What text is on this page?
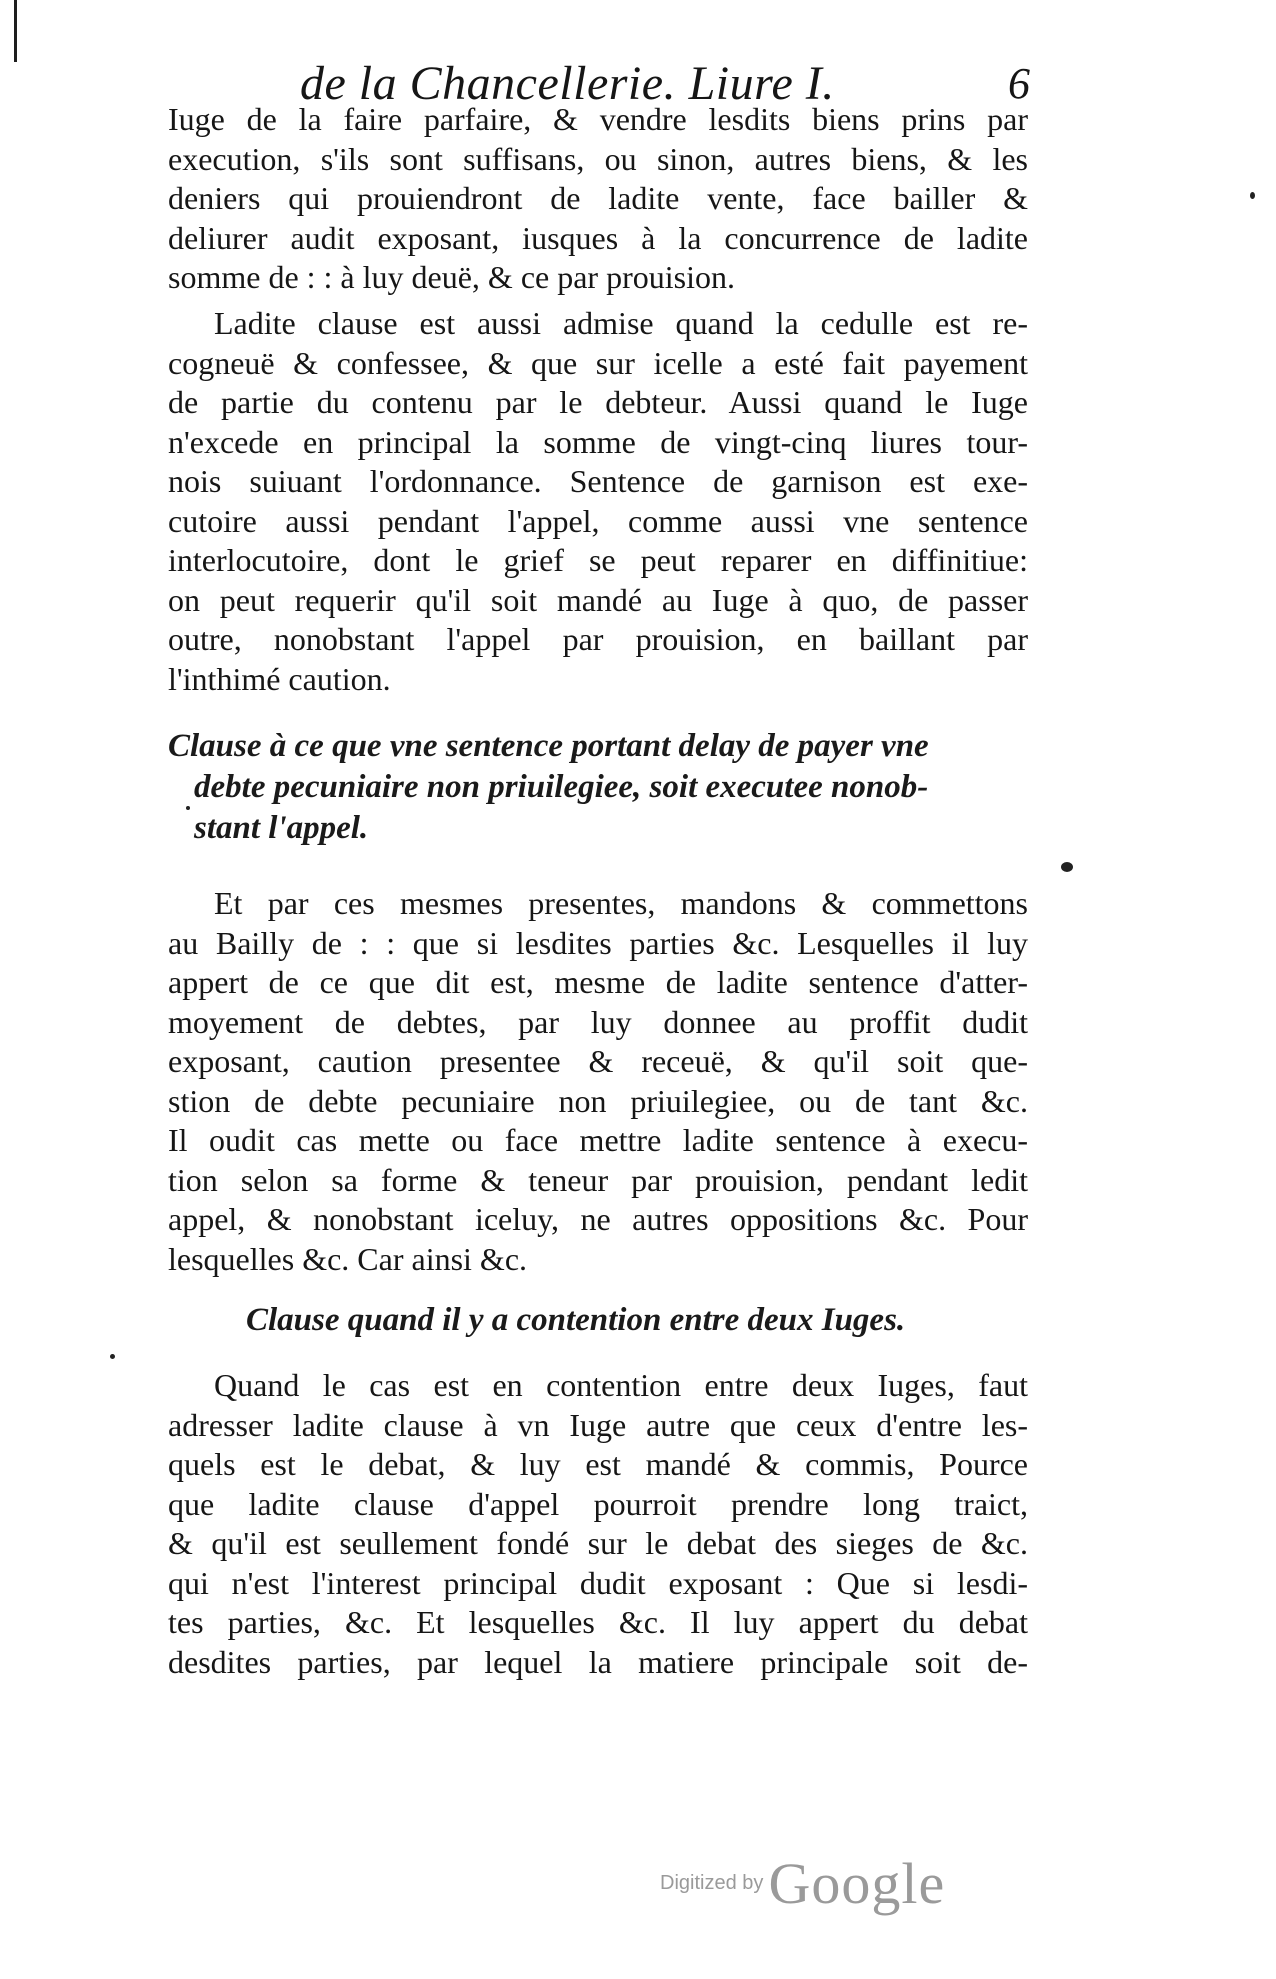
de la Chancellerie. Liure I.	6
Iuge de la faire parfaire, & vendre lesdits biens prins par
execution, s'ils sont suffisans, ou sinon, autres biens, & les
deniers qui prouiendront de ladite vente, face bailler &
deliurer audit exposant, iusques à la concurrence de ladite
somme de : : à luy deuë, & ce par prouision.
Ladite clause est aussi admise quand la cedulle est re-
cogneuë & confessee, & que sur icelle a esté fait payement
de partie du contenu par le debteur. Aussi quand le Iuge
n'excede en principal la somme de vingt-cinq liures tour-
nois suiuant l'ordonnance. Sentence de garnison est exe-
cutoire aussi pendant l'appel, comme aussi vne sentence
interlocutoire, dont le grief se peut reparer en diffinitiue:
on peut requerir qu'il soit mandé au Iuge à quo, de passer
outre, nonobstant l'appel par prouision, en baillant par
l'inthimé caution.
Clause à ce que vne sentence portant delay de payer vne
debte pecuniaire non priuilegiee, soit executee nonob-
stant l'appel.
Et par ces mesmes presentes, mandons & commettons
au Bailly de : : que si lesdites parties &c. Lesquelles il luy
appert de ce que dit est, mesme de ladite sentence d'atter-
moyement de debtes, par luy donnee au proffit dudit
exposant, caution presentee & receuë, & qu'il soit que-
stion de debte pecuniaire non priuilegiee, ou de tant &c.
Il oudit cas mette ou face mettre ladite sentence à execu-
tion selon sa forme & teneur par prouision, pendant ledit
appel, & nonobstant iceluy, ne autres oppositions &c. Pour
lesquelles &c. Car ainsi &c.
Clause quand il y a contention entre deux Iuges.
Quand le cas est en contention entre deux Iuges, faut
adresser ladite clause à vn Iuge autre que ceux d'entre les-
quels est le debat, & luy est mandé & commis, Pource
que ladite clause d'appel pourroit prendre long traict,
& qu'il est seullement fondé sur le debat des sieges de &c.
qui n'est l'interest principal dudit exposant : Que si lesdi-
tes parties, &c. Et lesquelles &c. Il luy appert du debat
desdites parties, par lequel la matiere principale soit de-
Digitized by Google
